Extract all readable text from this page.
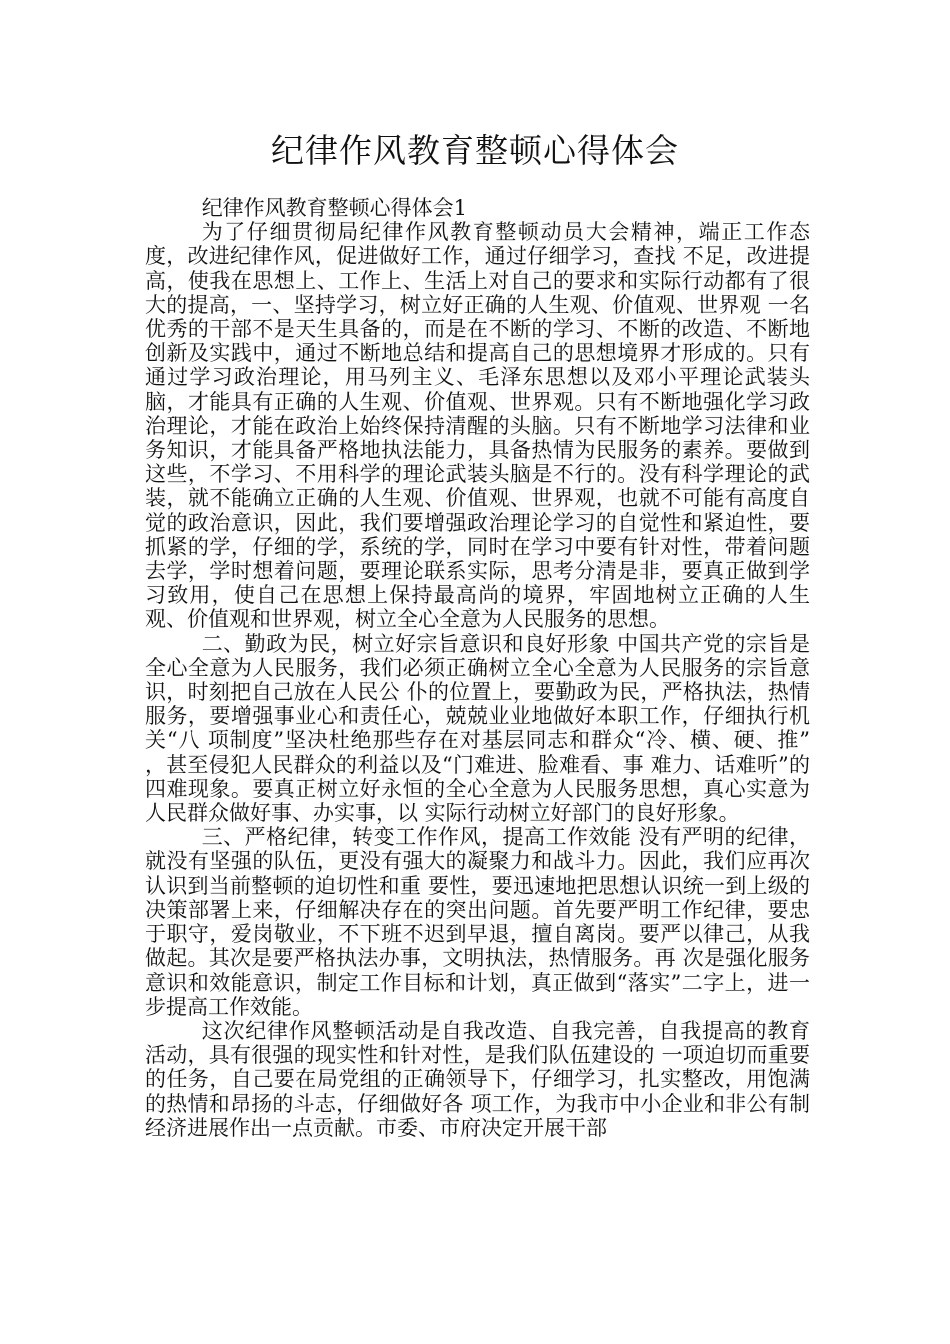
纪律作风教育整顿心得体会

纪律作风教育整顿心得体会1

为了仔细贯彻局纪律作风教育整顿动员大会精神，端正工作态度，改进纪律作风，促进做好工作，通过仔细学习，查找 不足，改进提高，使我在思想上、工作上、生活上对自己的要求和实际行动都有了很大的提高，一、坚持学习，树立好正确的人生观、价值观、世界观 一名优秀的干部不是天生具备的，而是在不断的学习、不断的改造、不断地创新及实践中，通过不断地总结和提高自己的思想境界才形成的。只有通过学习政治理论，用马列主义、毛泽东思想以及邓小平理论武装头脑，才能具有正确的人生观、价值观、世界观。只有不断地强化学习政治理论，才能在政治上始终保持清醒的头脑。只有不断地学习法律和业务知识，才能具备严格地执法能力，具备热情为民服务的素养。要做到这些，不学习、不用科学的理论武装头脑是不行的。没有科学理论的武装，就不能确立正确的人生观、价值观、世界观，也就不可能有高度自觉的政治意识，因此，我们要增强政治理论学习的自觉性和紧迫性，要抓紧的学，仔细的学，系统的学，同时在学习中要有针对性，带着问题去学，学时想着问题，要理论联系实际，思考分清是非，要真正做到学习致用，使自己在思想上保持最高尚的境界，牢固地树立正确的人生观、价值观和世界观，树立全心全意为人民服务的思想。

二、勤政为民，树立好宗旨意识和良好形象 中国共产党的宗旨是全心全意为人民服务，我们必须正确树立全心全意为人民服务的宗旨意识，时刻把自己放在人民公 仆的位置上，要勤政为民，严格执法，热情服务，要增强事业心和责任心，兢兢业业地做好本职工作，仔细执行机关“八 项制度”坚决杜绝那些存在对基层同志和群众“冷、横、硬、推” ，甚至侵犯人民群众的利益以及“门难进、脸难看、事 难力、话难听”的四难现象。要真正树立好永恒的全心全意为人民服务思想，真心实意为人民群众做好事、办实事，以 实际行动树立好部门的良好形象。

三、严格纪律，转变工作作风，提高工作效能 没有严明的纪律，就没有坚强的队伍，更没有强大的凝聚力和战斗力。因此，我们应再次认识到当前整顿的迫切性和重 要性，要迅速地把思想认识统一到上级的决策部署上来，仔细解决存在的突出问题。首先要严明工作纪律，要忠于职守，爱岗敬业，不下班不迟到早退，擅自离岗。要严以律己，从我做起。其次是要严格执法办事，文明执法，热情服务。再 次是强化服务意识和效能意识，制定工作目标和计划，真正做到“落实”二字上，进一步提高工作效能。

这次纪律作风整顿活动是自我改造、自我完善，自我提高的教育活动，具有很强的现实性和针对性，是我们队伍建设的 一项迫切而重要的任务，自己要在局党组的正确领导下，仔细学习，扎实整改，用饱满的热情和昂扬的斗志，仔细做好各 项工作，为我市中小企业和非公有制经济进展作出一点贡献。市委、市府决定开展干部
